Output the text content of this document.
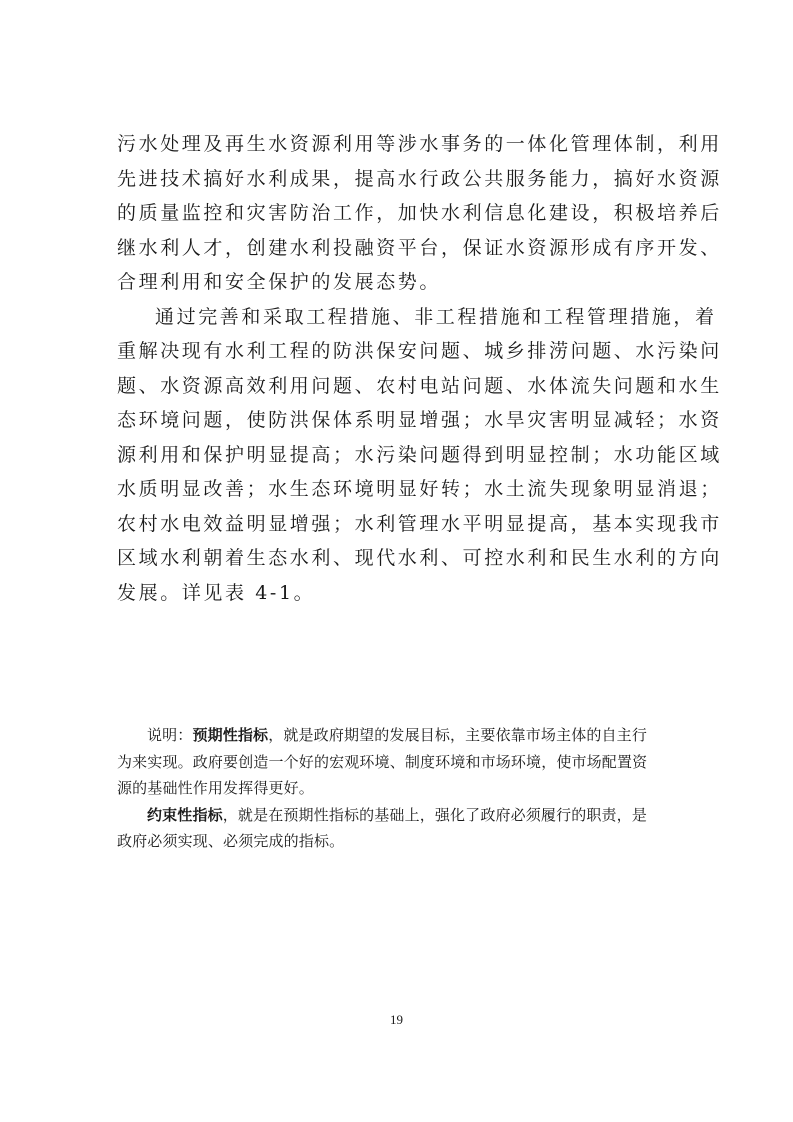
污水处理及再生水资源利用等涉水事务的一体化管理体制，利用
先进技术搞好水利成果，提高水行政公共服务能力，搞好水资源
的质量监控和灾害防治工作，加快水利信息化建设，积极培养后
继水利人才，创建水利投融资平台，保证水资源形成有序开发、
合理利用和安全保护的发展态势。
通过完善和采取工程措施、非工程措施和工程管理措施，着
重解决现有水利工程的防洪保安问题、城乡排涝问题、水污染问
题、水资源高效利用问题、农村电站问题、水体流失问题和水生
态环境问题，使防洪保体系明显增强；水旱灾害明显减轻；水资
源利用和保护明显提高；水污染问题得到明显控制；水功能区域
水质明显改善；水生态环境明显好转；水土流失现象明显消退；
农村水电效益明显增强；水利管理水平明显提高，基本实现我市
区域水利朝着生态水利、现代水利、可控水利和民生水利的方向
发展。详见表 4-1。
说明：预期性指标，就是政府期望的发展目标，主要依靠市场主体的自主行
为来实现。政府要创造一个好的宏观环境、制度环境和市场环境，使市场配置资
源的基础性作用发挥得更好。
约束性指标，就是在预期性指标的基础上，强化了政府必须履行的职责，是
政府必须实现、必须完成的指标。
19
